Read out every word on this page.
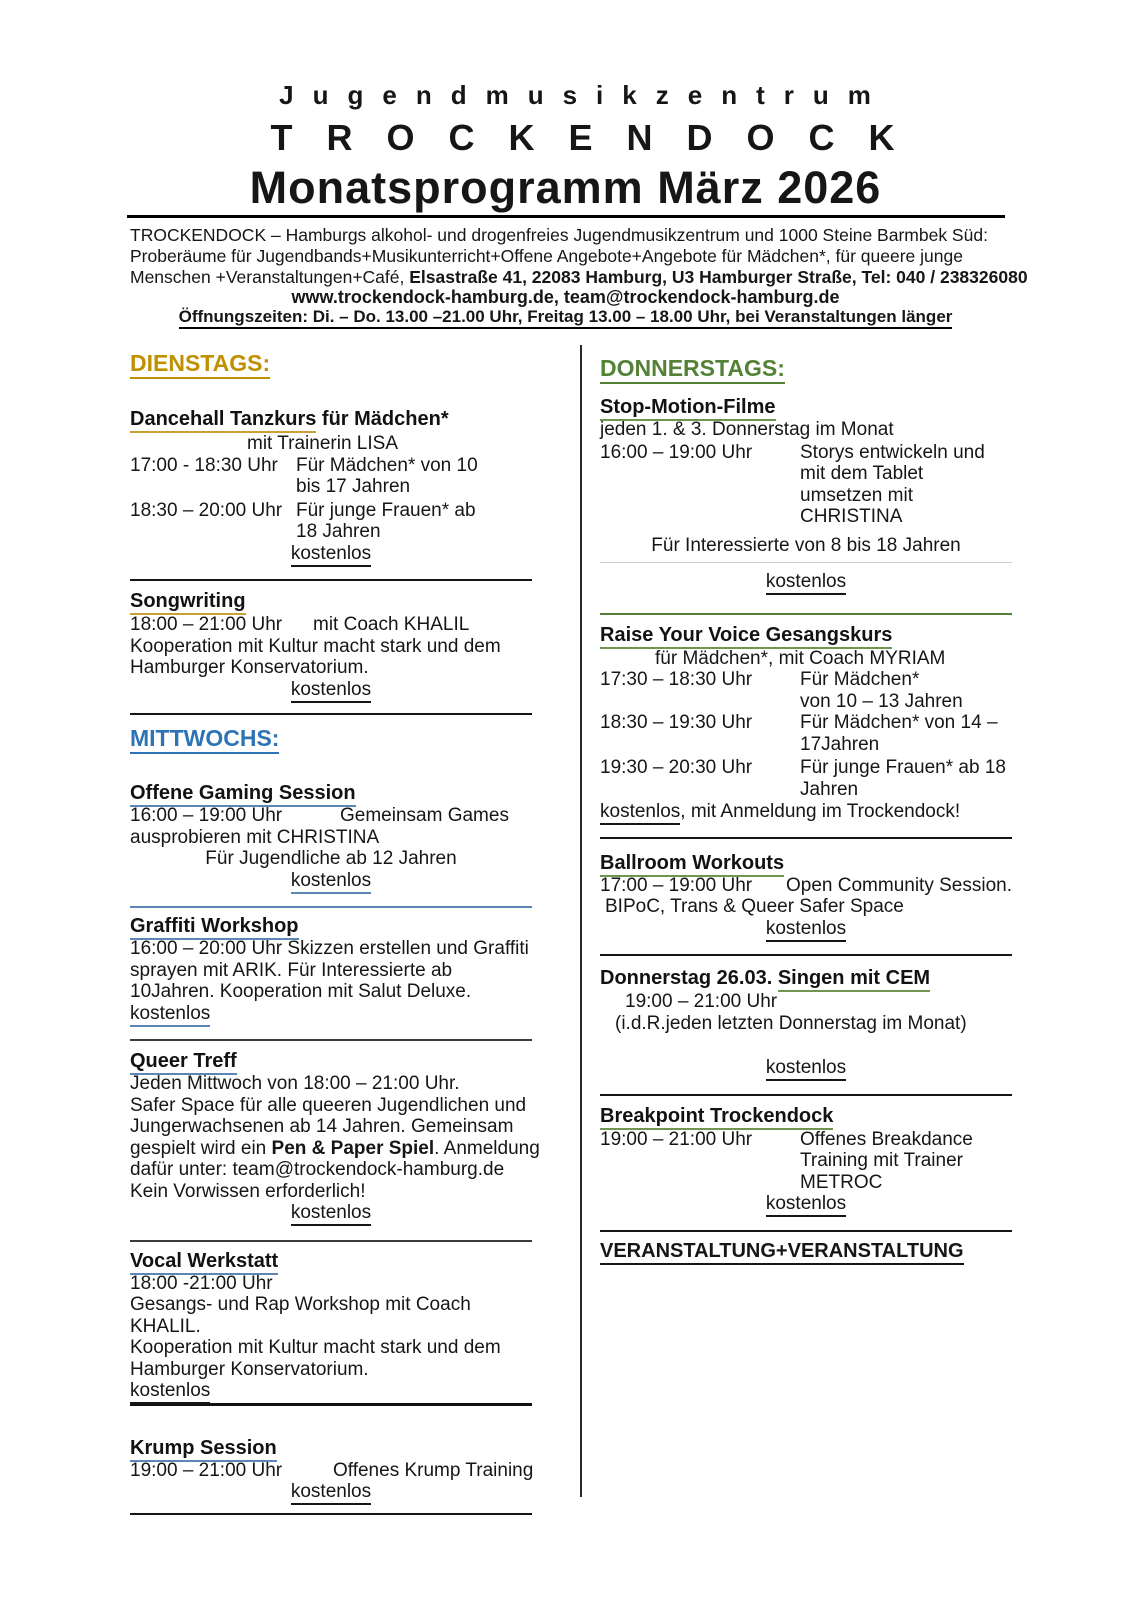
Jugendmusikzentrum
TROCKENDOCK
Monatsprogramm März 2026

TROCKENDOCK – Hamburgs alkohol- und drogenfreies Jugendmusikzentrum und 1000 Steine Barmbek Süd:

Proberäume für Jugendbands+Musikunterricht+Offene Angebote+Angebote für Mädchen*, für queere junge

Menschen +Veranstaltungen+Café, Elsastraße 41, 22083 Hamburg, U3 Hamburger Straße, Tel: 040 / 238326080

www.trockendock-hamburg.de, team@trockendock-hamburg.de
Öffnungszeiten: Di. – Do. 13.00 –21.00 Uhr, Freitag 13.00 – 18.00 Uhr, bei Veranstaltungen länger

DIENSTAGS:

Dancehall Tanzkurs für Mädchen*

mit Trainerin LISA

17:00 - 18:30 Uhr Für Mädchen* von 10
bis 17 Jahren
18:30 – 20:00 Uhr Für junge Frauen* ab
18 Jahren

kostenlos

Songwriting

18:00 – 21:00 Uhr	mit Coach KHALIL

Kooperation mit Kultur macht stark und dem

Hamburger Konservatorium.

kostenlos

MITTWOCHS:

Offene Gaming Session

16:00 – 19:00 Uhr	Gemeinsam Games

ausprobieren mit CHRISTINA

Für Jugendliche ab 12 Jahren

kostenlos

Graffiti Workshop

16:00 – 20:00 Uhr Skizzen erstellen und Graffiti

sprayen mit ARIK. Für Interessierte ab

10Jahren. Kooperation mit Salut Deluxe.

kostenlos

Queer Treff

Jeden Mittwoch von 18:00 – 21:00 Uhr.

Safer Space für alle queeren Jugendlichen und

Jungerwachsenen ab 14 Jahren. Gemeinsam

gespielt wird ein Pen & Paper Spiel. Anmeldung

dafür unter: team@trockendock-hamburg.de

Kein Vorwissen erforderlich!

kostenlos

Vocal Werkstatt

18:00 -21:00 Uhr

Gesangs- und Rap Workshop mit Coach

KHALIL.

Kooperation mit Kultur macht stark und dem

Hamburger Konservatorium.

kostenlos

Krump Session

19:00 – 21:00 Uhr	Offenes Krump Training

kostenlos

DONNERSTAGS:

Stop-Motion-Filme

jeden 1. & 3. Donnerstag im Monat

16:00 – 19:00 Uhr	Storys entwickeln und
mit dem Tablet
umsetzen mit
CHRISTINA

Für Interessierte von 8 bis 18 Jahren

kostenlos

Raise Your Voice Gesangskurs

für Mädchen*, mit Coach MYRIAM

17:30 – 18:30 Uhr	Für Mädchen*
von 10 – 13 Jahren
18:30 – 19:30 Uhr	Für Mädchen* von 14 –
17Jahren
19:30 – 20:30 Uhr	Für junge Frauen* ab 18
Jahren

kostenlos, mit Anmeldung im Trockendock!

Ballroom Workouts

17:00 – 19:00 Uhr	Open Community Session.

BIPoC, Trans & Queer Safer Space

kostenlos

Donnerstag 26.03. Singen mit CEM

19:00 – 21:00 Uhr

(i.d.R.jeden letzten Donnerstag im Monat)

kostenlos

Breakpoint Trockendock

19:00 – 21:00 Uhr	Offenes Breakdance
Training mit Trainer
METROC

kostenlos

VERANSTALTUNG+VERANSTALTUNG
